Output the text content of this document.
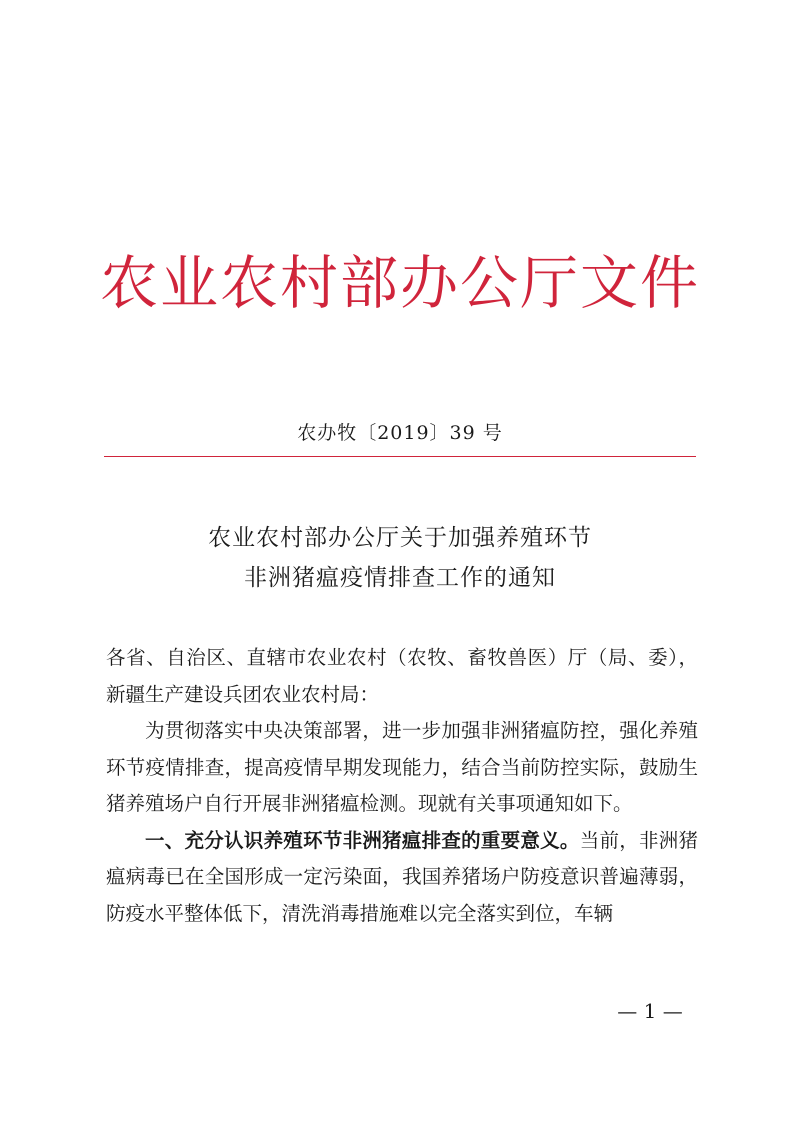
农业农村部办公厅文件
农办牧〔2019〕39 号
农业农村部办公厅关于加强养殖环节
非洲猪瘟疫情排查工作的通知

各省、自治区、直辖市农业农村（农牧、畜牧兽医）厅（局、委），新疆生产建设兵团农业农村局：

为贯彻落实中央决策部署，进一步加强非洲猪瘟防控，强化养殖环节疫情排查，提高疫情早期发现能力，结合当前防控实际，鼓励生猪养殖场户自行开展非洲猪瘟检测。现就有关事项通知如下。

一、充分认识养殖环节非洲猪瘟排查的重要意义。当前，非洲猪瘟病毒已在全国形成一定污染面，我国养猪场户防疫意识普遍薄弱，防疫水平整体低下，清洗消毒措施难以完全落实到位，车辆

— 1 —
